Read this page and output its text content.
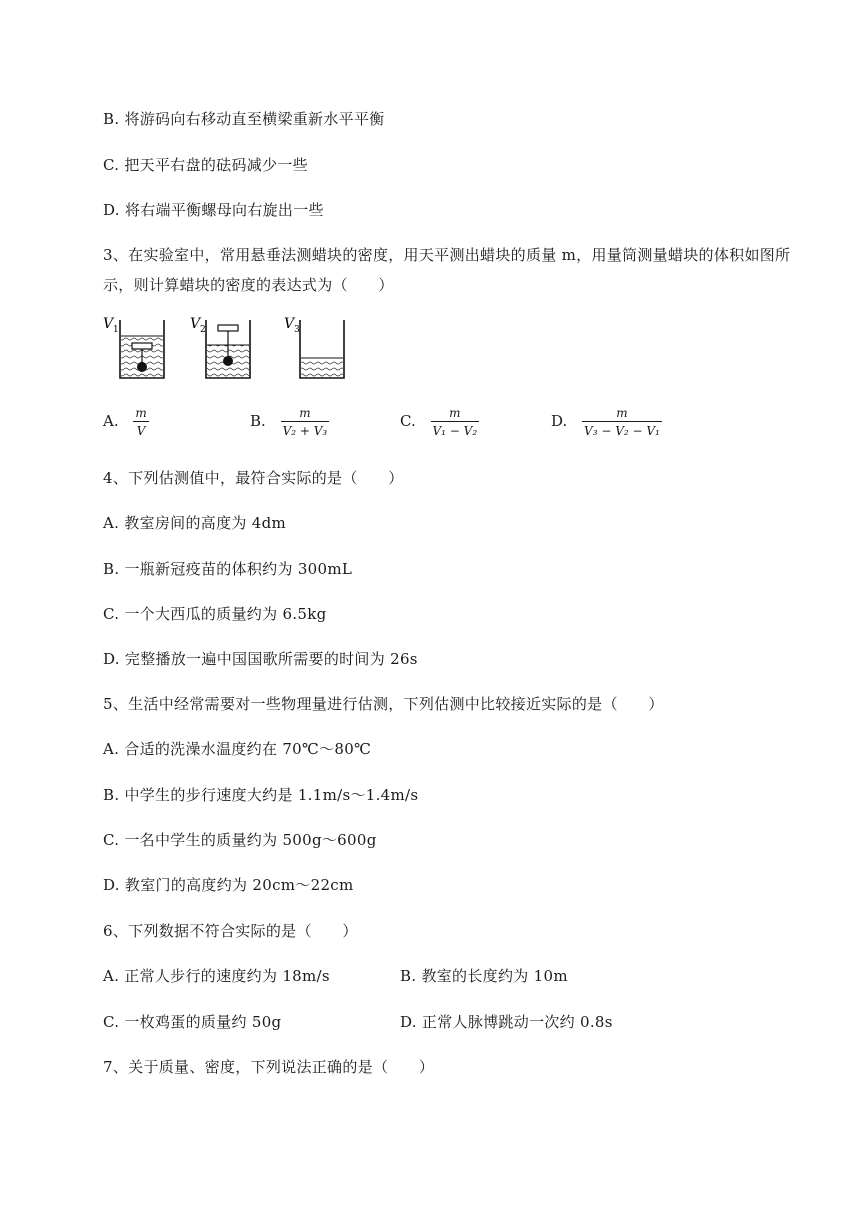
B. 将游码向右移动直至横梁重新水平平衡
C. 把天平右盘的砝码减少一些
D. 将右端平衡螺母向右旋出一些
3、在实验室中，常用悬垂法测蜡块的密度，用天平测出蜡块的质量 m，用量筒测量蜡块的体积如图所
示，则计算蜡块的密度的表达式为（　　）
V 1	V 2	V 3
A. $\frac{m}{V}$	B. $\frac{m}{\text{V₂ + V₃}}$	C. $\frac{m}{\text{V₁ − V₂}}$	D. $\frac{m}{\text{V₃ − V₂ − V₁}}$
4、下列估测值中，最符合实际的是（　　）
A. 教室房间的高度为 4dm
B. 一瓶新冠疫苗的体积约为 300mL
C. 一个大西瓜的质量约为 6.5kg
D. 完整播放一遍中国国歌所需要的时间为 26s
5、生活中经常需要对一些物理量进行估测，下列估测中比较接近实际的是（　　）
A. 合适的洗澡水温度约在 70℃～80℃
B. 中学生的步行速度大约是 1.1m/s～1.4m/s
C. 一名中学生的质量约为 500g～600g
D. 教室门的高度约为 20cm～22cm
6、下列数据不符合实际的是（　　）
A. 正常人步行的速度约为 18m/s	B. 教室的长度约为 10m
C. 一枚鸡蛋的质量约 50g	D. 正常人脉博跳动一次约 0.8s
7、关于质量、密度，下列说法正确的是（　　）
